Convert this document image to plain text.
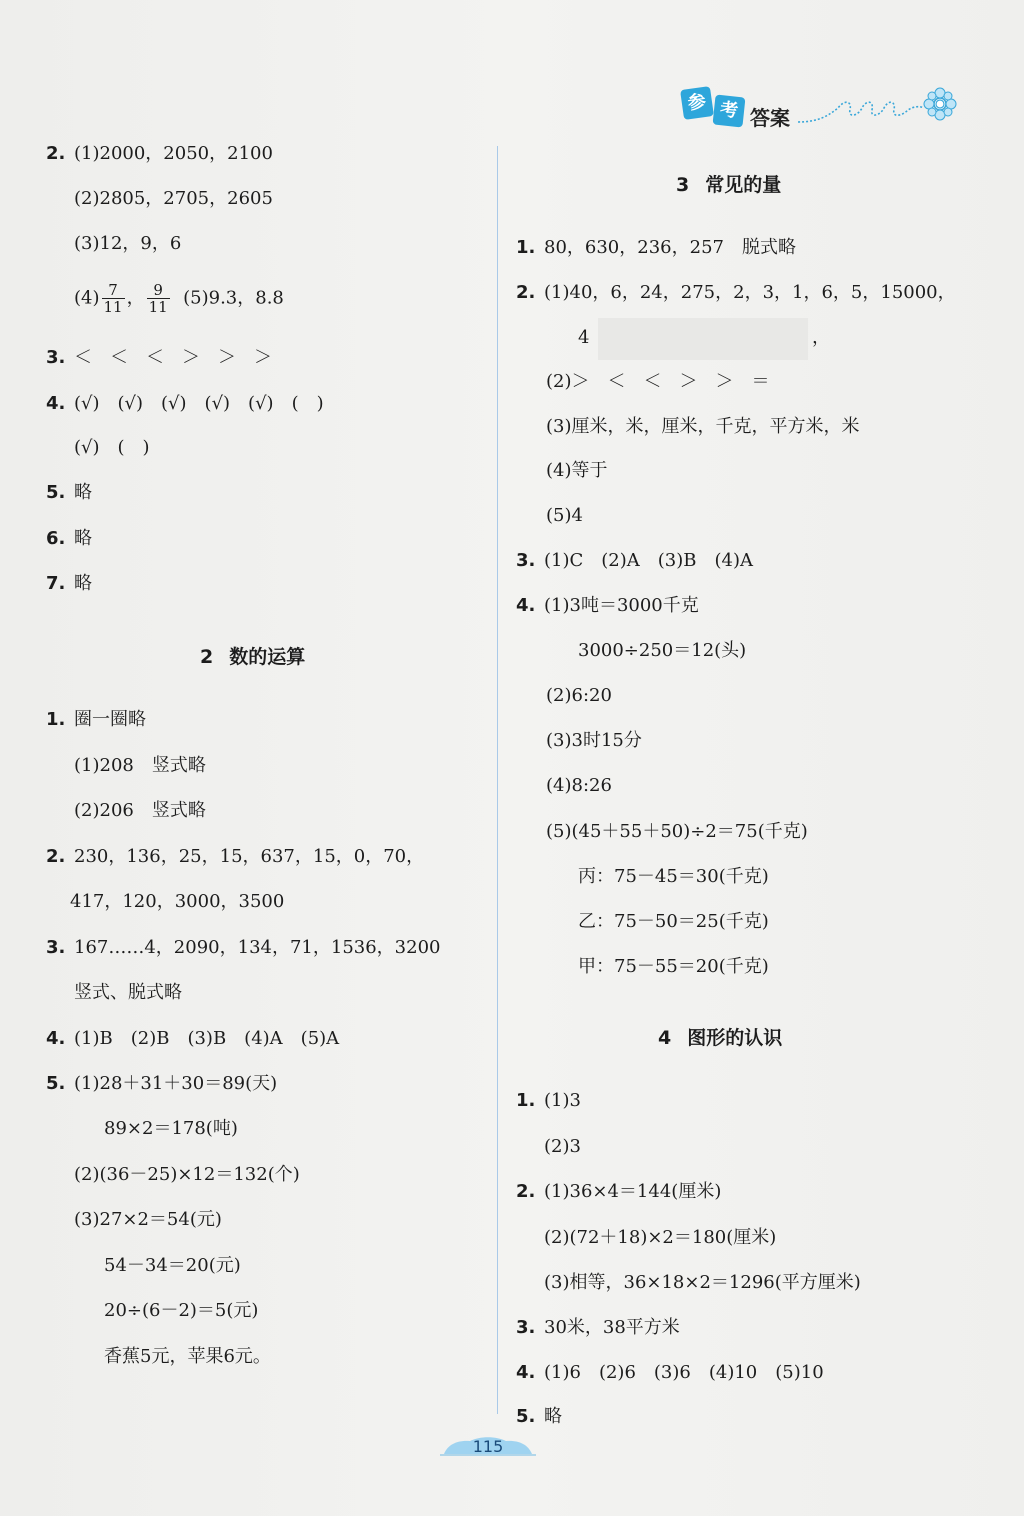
参 考 答案
2. (1)2000，2050，2100
(2)2805，2705，2605
(3)12，9，6
$(4) \frac{7}{11}$ ， $\frac{9}{11} (5)9.3$，8.8
3. ＜　＜　＜　＞　＞　＞
4. (√)　(√)　(√)　(√)　(√)　(　)
(√)　(　)
5. 略
6. 略
7. 略
2 数的运算
1. 圈一圈略
(1)208　竖式略
(2)206　竖式略
2. 230，136，25，15，637，15，0，70，
417，120，3000，3500
3. 167……4，2090，134，71，1536，3200
竖式、脱式略
4. (1)B　(2)B　(3)B　(4)A　(5)A
5. (1)28＋31＋30＝89(天)
89×2＝178(吨)
(2)(36－25)×12＝132(个)
(3)27×2＝54(元)
54－34＝20(元)
20÷(6－2)＝5(元)
香蕉5元，苹果6元。
3 常见的量
1. 80，630，236，257　脱式略
2. (1)40，6，24，275，2，3，1，6，5，15000，
4	，
(2)＞　＜　＜　＞　＞　＝
(3)厘米，米，厘米，千克，平方米，米
(4)等于
(5)4
3. (1)C　(2)A　(3)B　(4)A
4. (1)3吨＝3000千克
3000÷250＝12(头)
(2)6:20
(3)3时15分
(4)8:26
(5)(45＋55＋50)÷2＝75(千克)
丙：75－45＝30(千克)
乙：75－50＝25(千克)
甲：75－55＝20(千克)
4 图形的认识
1. (1)3
(2)3
2. (1)36×4＝144(厘米)
(2)(72＋18)×2＝180(厘米)
(3)相等，36×18×2＝1296(平方厘米)
3. 30米，38平方米
4. (1)6　(2)6　(3)6　(4)10　(5)10
5. 略
115
